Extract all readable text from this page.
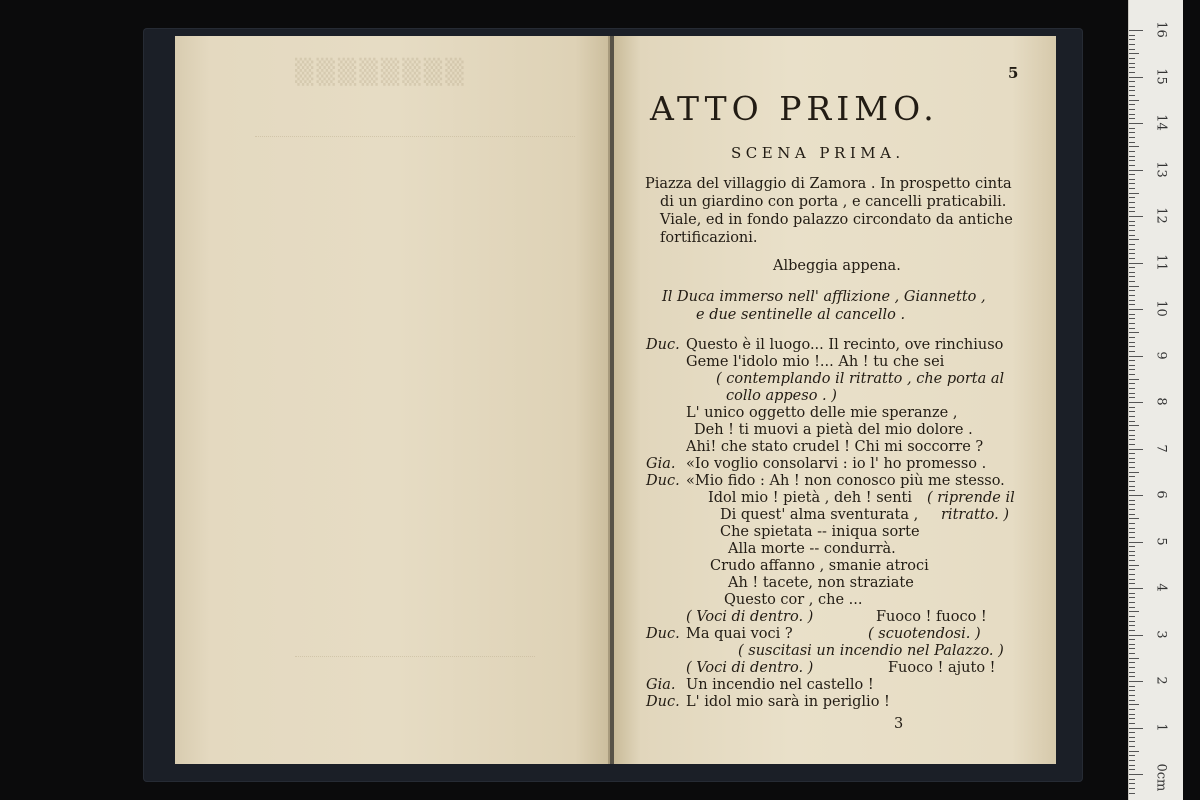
▒▒▒▒▒▒▒▒	5
ATTO PRIMO.
SCENA PRIMA.
Piazza del villaggio di Zamora . In prospetto cinta
di un giardino con porta , e cancelli praticabili.
Viale, ed in fondo palazzo circondato da antiche
fortificazioni.
Albeggia appena.
Il Duca immerso nell' afflizione , Giannetto ,
e due sentinelle al cancello .
Duc. Questo è il luogo... Il recinto, ove rinchiuso
Geme l'idolo mio !... Ah ! tu che sei
( contemplando il ritratto , che porta al
collo appeso . )
L' unico oggetto delle mie speranze ,
Deh ! ti muovi a pietà del mio dolore .
Ahi! che stato crudel ! Chi mi soccorre ?
Gia. «Io voglio consolarvi : io l' ho promesso .
Duc. «Mio fido : Ah ! non conosco più me stesso.
Idol mio ! pietà , deh ! senti ( riprende il
Di quest' alma sventurata , ritratto. )
Che spietata -- iniqua sorte
Alla morte -- condurrà.
Crudo affanno , smanie atroci
Ah ! tacete, non straziate
Questo cor , che ...
( Voci di dentro. )	Fuoco ! fuoco !
Duc. Ma quai voci ?	( scuotendosi. )
( suscitasi un incendio nel Palazzo. )
( Voci di dentro. )	Fuoco ! ajuto !
Gia. Un incendio nel castello !
Duc. L' idol mio sarà in periglio !
3
16
15
14
13
12
11
10
9
8
7
6
5
4
3
2
1
0cm
